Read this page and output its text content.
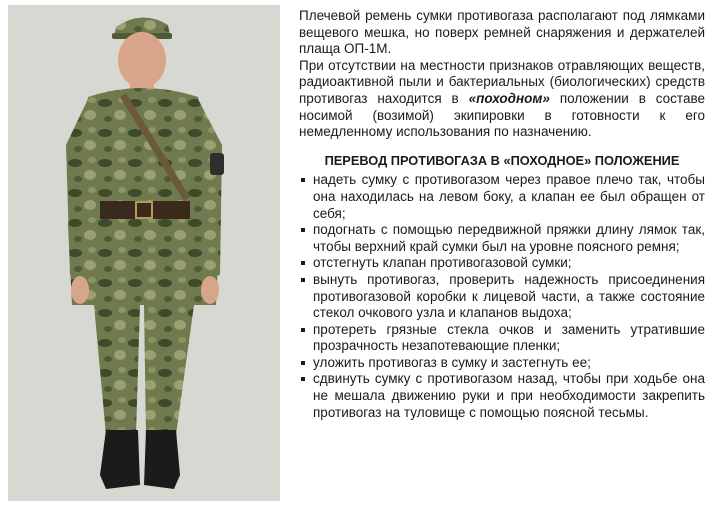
Плечевой ремень сумки противогаза располагают под лямками вещевого мешка, но поверх ремней снаряжения и держателей плаща ОП-1М.

При отсутствии на местности признаков отравляющих веществ, радиоактивной пыли и бактериальных (биологических) средств противогаз находится в «походном» положении в составе носимой (возимой) экипировки в готовности к его немедленному использования по назначению.

ПЕРЕВОД ПРОТИВОГАЗА В «ПОХОДНОЕ» ПОЛОЖЕНИЕ
надеть сумку с противогазом через правое плечо так, чтобы она находилась на левом боку, а клапан ее был обращен от себя;
подогнать с помощью передвижной пряжки длину лямок так, чтобы верхний край сумки был на уровне поясного ремня;
отстегнуть клапан противогазовой сумки;
вынуть противогаз, проверить надежность присоединения противогазовой коробки к лицевой части, а также состояние стекол очкового узла и клапанов выдоха;
протереть грязные стекла очков и заменить утратившие прозрачность незапотевающие пленки;
уложить противогаз в сумку и застегнуть ее;
сдвинуть сумку с противогазом назад, чтобы при ходьбе она не мешала движению руки и при необходимости закрепить противогаз на туловище с помощью поясной тесьмы.
